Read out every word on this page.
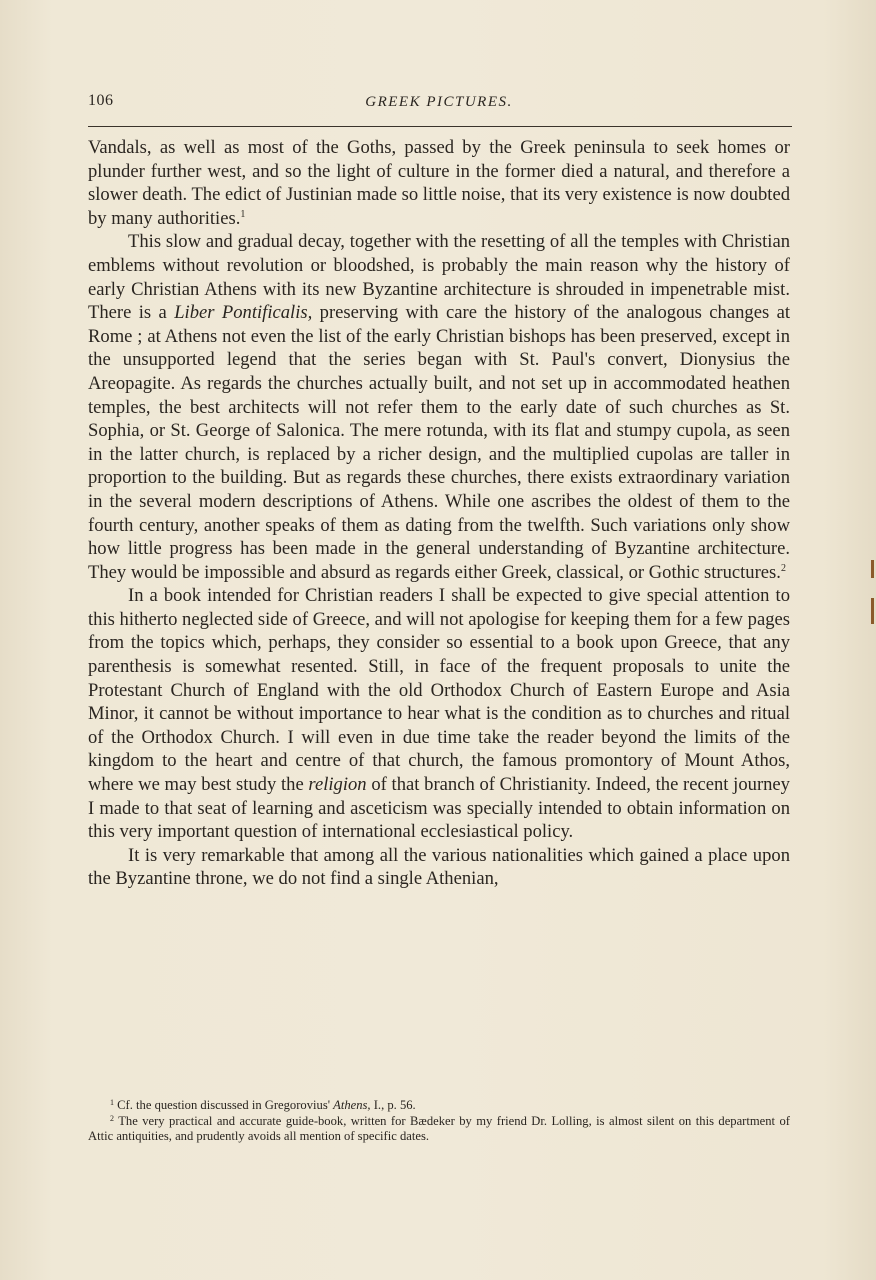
106	GREEK PICTURES.

Vandals, as well as most of the Goths, passed by the Greek peninsula to seek homes or plunder further west, and so the light of culture in the former died a natural, and therefore a slower death. The edict of Justinian made so little noise, that its very existence is now doubted by many authorities.$^1$

This slow and gradual decay, together with the resetting of all the temples with Christian emblems without revolution or bloodshed, is probably the main reason why the history of early Christian Athens with its new Byzantine architecture is shrouded in impenetrable mist. There is a Liber Pontificalis, preserving with care the history of the analogous changes at Rome ; at Athens not even the list of the early Christian bishops has been preserved, except in the unsupported legend that the series began with St. Paul's convert, Dionysius the Areopagite. As regards the churches actually built, and not set up in accommodated heathen temples, the best architects will not refer them to the early date of such churches as St. Sophia, or St. George of Salonica. The mere rotunda, with its flat and stumpy cupola, as seen in the latter church, is replaced by a richer design, and the multiplied cupolas are taller in proportion to the building. But as regards these churches, there exists extraordinary variation in the several modern descriptions of Athens. While one ascribes the oldest of them to the fourth century, another speaks of them as dating from the twelfth. Such variations only show how little progress has been made in the general understanding of Byzantine architecture. They would be impossible and absurd as regards either Greek, classical, or Gothic structures.$^2$

In a book intended for Christian readers I shall be expected to give special attention to this hitherto neglected side of Greece, and will not apologise for keeping them for a few pages from the topics which, perhaps, they consider so essential to a book upon Greece, that any parenthesis is somewhat resented. Still, in face of the frequent proposals to unite the Protestant Church of England with the old Orthodox Church of Eastern Europe and Asia Minor, it cannot be without importance to hear what is the condition as to churches and ritual of the Orthodox Church. I will even in due time take the reader beyond the limits of the kingdom to the heart and centre of that church, the famous promontory of Mount Athos, where we may best study the religion of that branch of Christianity. Indeed, the recent journey I made to that seat of learning and asceticism was specially intended to obtain information on this very important question of international ecclesiastical policy.

It is very remarkable that among all the various nationalities which gained a place upon the Byzantine throne, we do not find a single Athenian,

$^1$ Cf. the question discussed in Gregorovius' Athens, I., p. 56.

$^2$ The very practical and accurate guide-book, written for Bædeker by my friend Dr. Lolling, is almost silent on this department of Attic antiquities, and prudently avoids all mention of specific dates.
